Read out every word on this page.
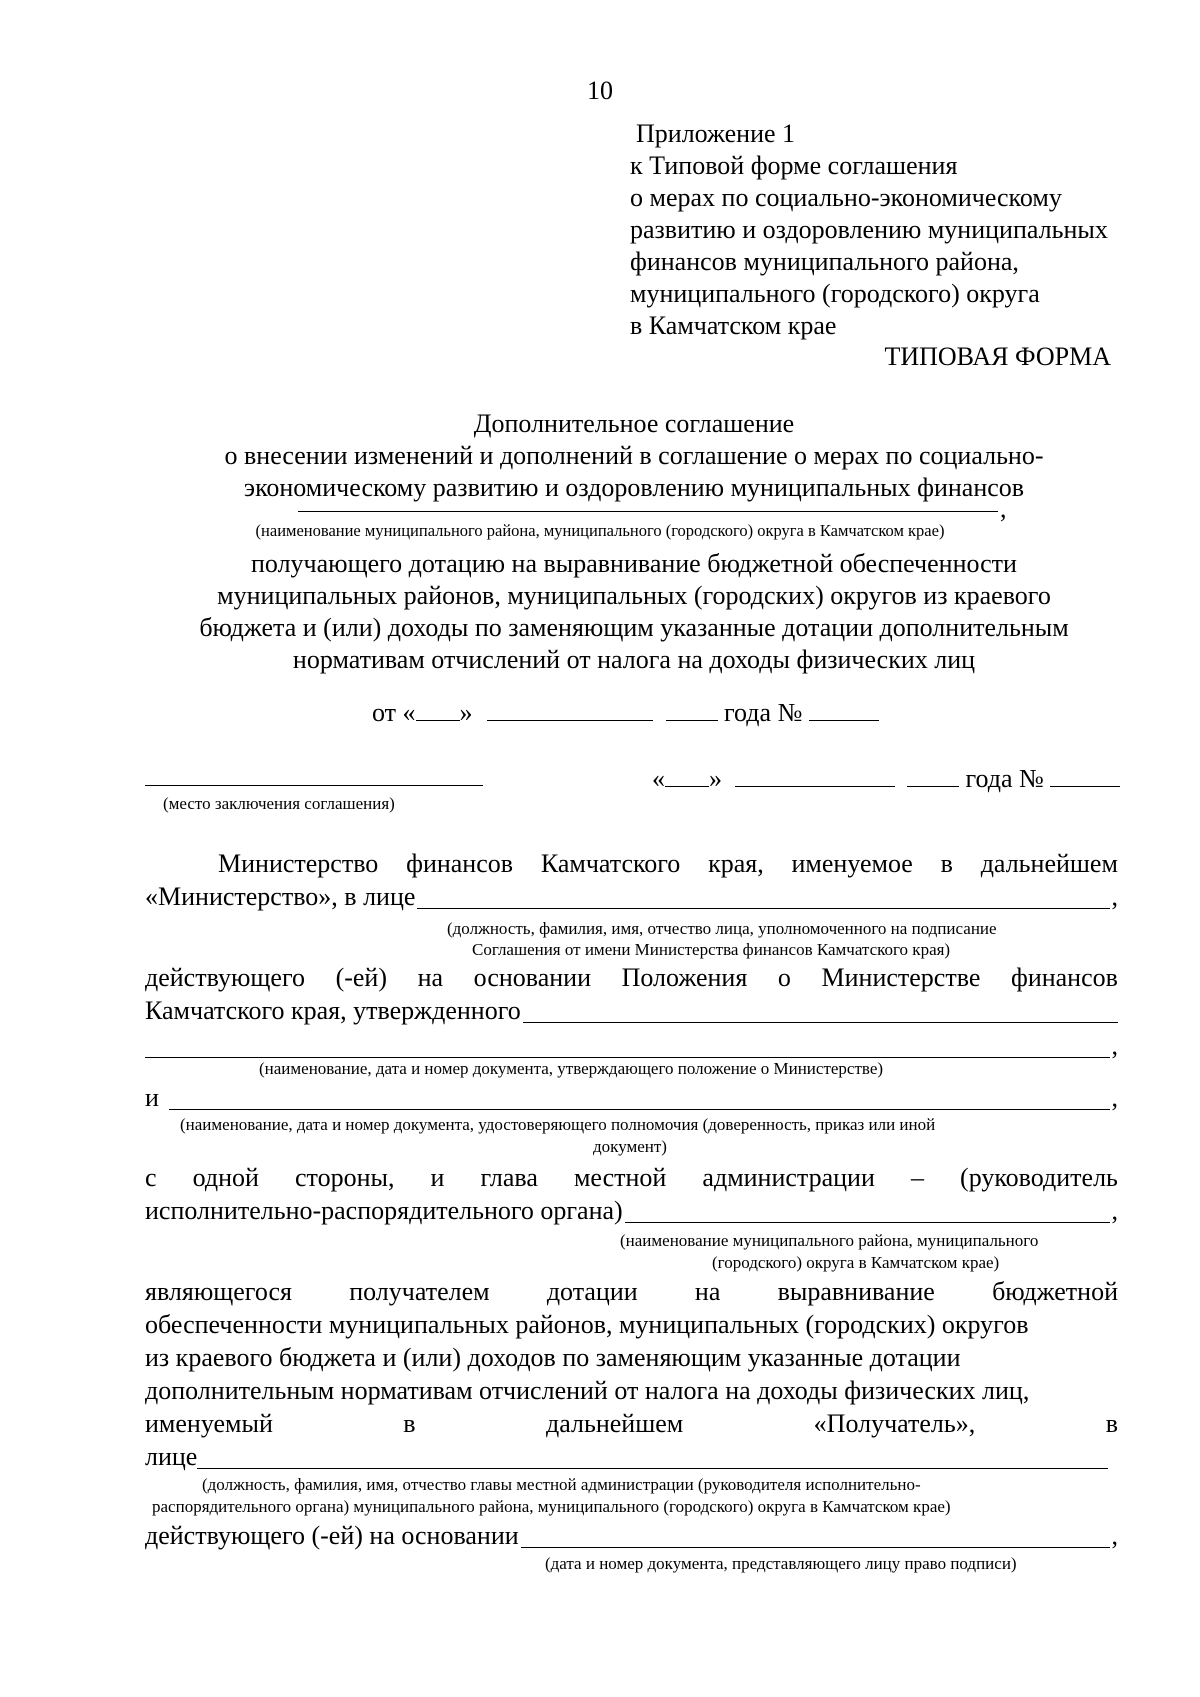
10
Приложение 1
к Типовой форме соглашения
о мерах по социально-экономическому
развитию и оздоровлению муниципальных
финансов муниципального района,
муниципального (городского) округа
в Камчатском крае
ТИПОВАЯ ФОРМА
Дополнительное соглашение
о внесении изменений и дополнений в соглашение о мерах по социально-
экономическому развитию и оздоровлению муниципальных финансов
,
(наименование муниципального района, муниципального (городского) округа в Камчатском крае)
получающего дотацию на выравнивание бюджетной обеспеченности
муниципальных районов, муниципальных (городских) округов из краевого
бюджета и (или) доходы по заменяющим указанные дотации дополнительным
нормативам отчислений от налога на доходы физических лиц
от « »	года №
(место заключения соглашения)
« »	года №
Министерство финансов Камчатского края, именуемое в дальнейшем
«Министерство», в лице	,
(должность, фамилия, имя, отчество лица, уполномоченного на подписание
Соглашения от имени Министерства финансов Камчатского края)
действующего (-ей) на основании Положения о Министерстве финансов
Камчатского края, утвержденного
,
(наименование, дата и номер документа, утверждающего положение о Министерстве)
и	,
(наименование, дата и номер документа, удостоверяющего полномочия (доверенность, приказ или иной
документ)
с одной стороны, и глава местной администрации – (руководитель
исполнительно-распорядительного органа)	,
(наименование муниципального района, муниципального
(городского) округа в Камчатском крае)
являющегося получателем дотации на выравнивание бюджетной
обеспеченности муниципальных районов, муниципальных (городских) округов
из краевого бюджета и (или) доходов по заменяющим указанные дотации
дополнительным нормативам отчислений от налога на доходы физических лиц,
именуемый	в	дальнейшем	«Получатель»,	в
лице
(должность, фамилия, имя, отчество главы местной администрации (руководителя исполнительно-
распорядительного органа) муниципального района, муниципального (городского) округа в Камчатском крае)
действующего (-ей) на основании	,
(дата и номер документа, представляющего лицу право подписи)
